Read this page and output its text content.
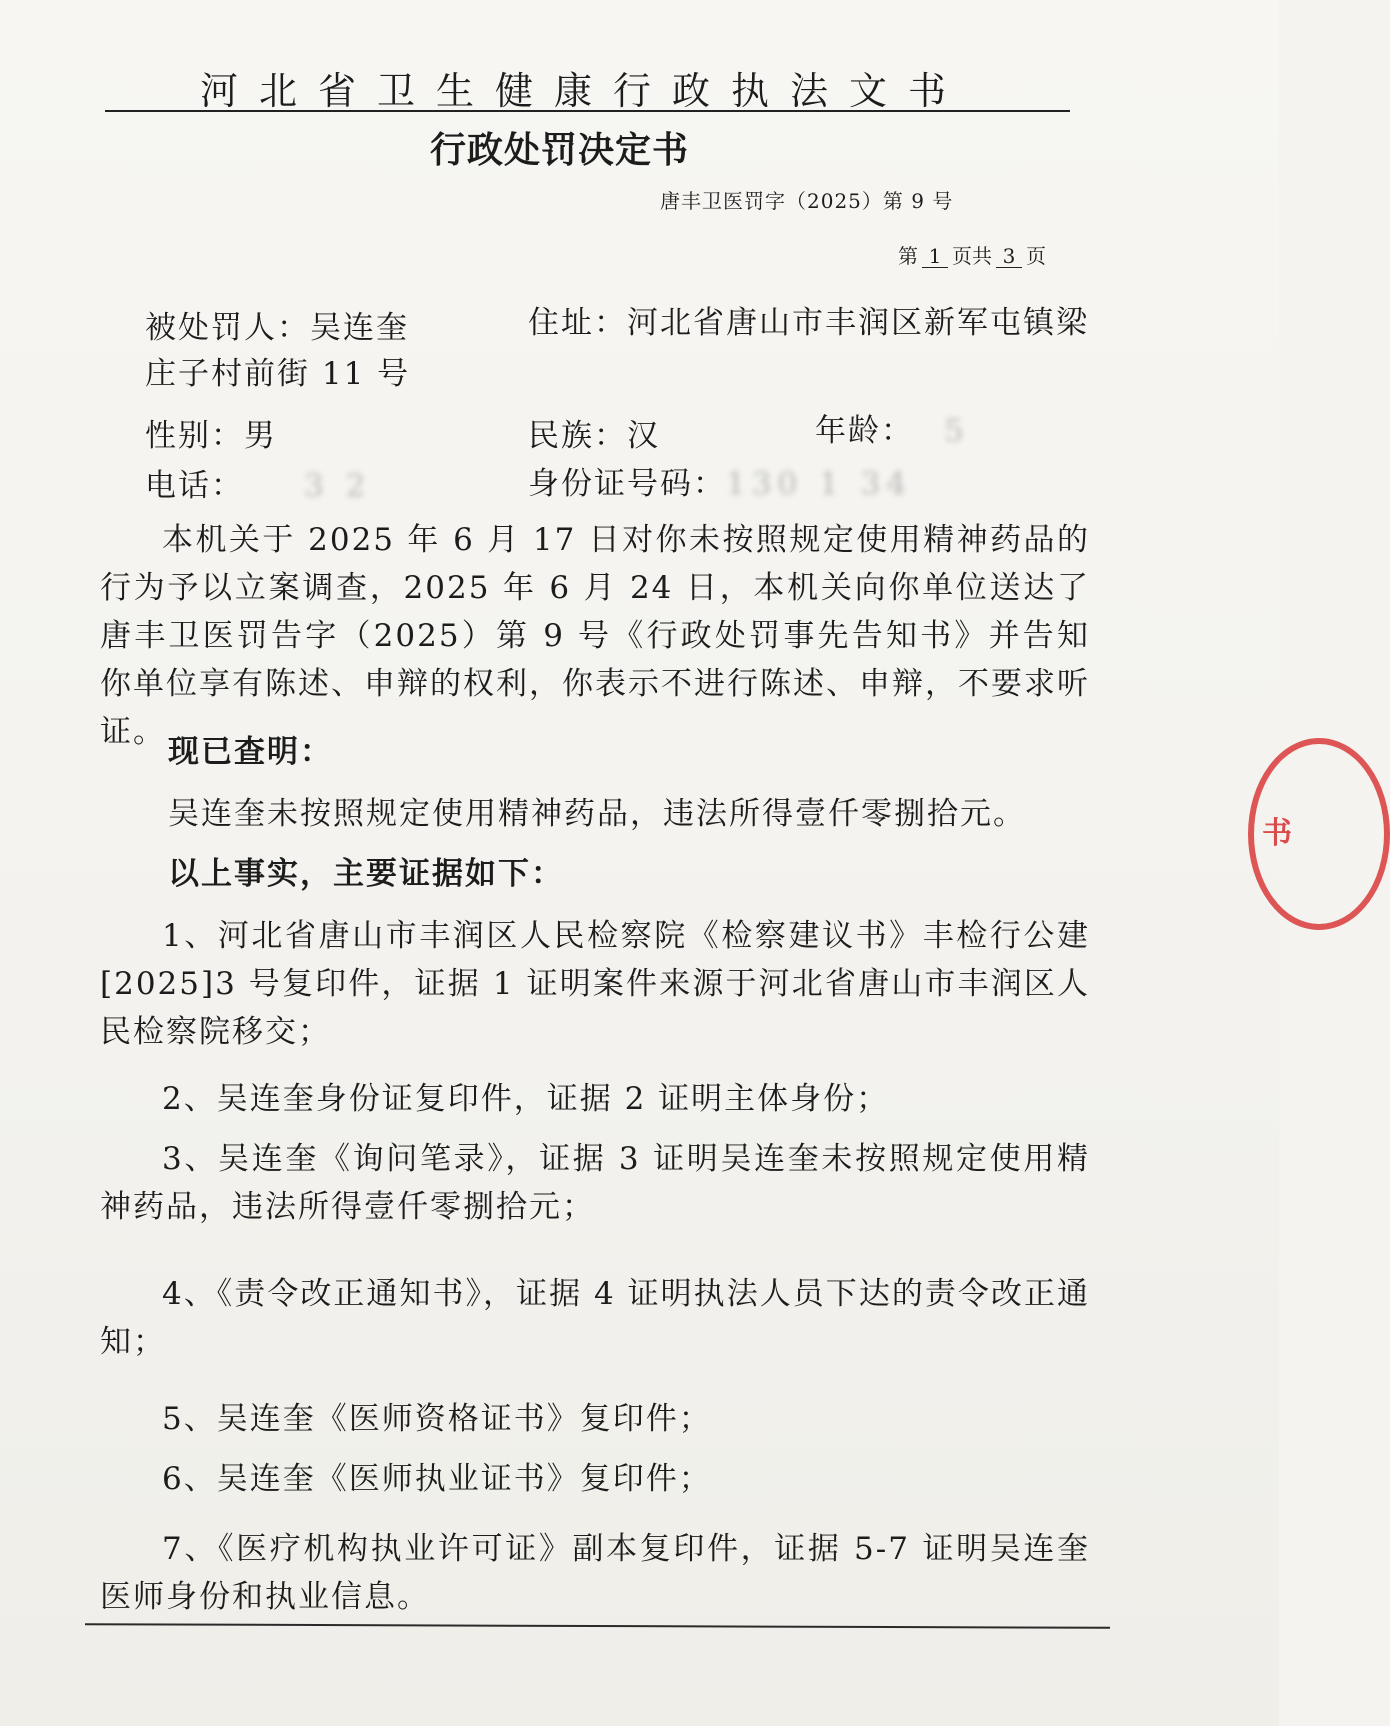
河北省卫生健康行政执法文书
行政处罚决定书
唐丰卫医罚字（2025）第 9 号
第 1 页共 3 页
被处罚人：吴连奎	住址：河北省唐山市丰润区新军屯镇梁
庄子村前街 11 号
性别：男	民族：汉	年龄： 5
电话： 3 2	身份证号码：130 1 34
本机关于 2025 年 6 月 17 日对你未按照规定使用精神药品的行为予以立案调查，2025 年 6 月 24 日，本机关向你单位送达了唐丰卫医罚告字（2025）第 9 号《行政处罚事先告知书》并告知你单位享有陈述、申辩的权利，你表示不进行陈述、申辩，不要求听证。
现已查明：
吴连奎未按照规定使用精神药品，违法所得壹仟零捌拾元。
以上事实，主要证据如下：
1、河北省唐山市丰润区人民检察院《检察建议书》丰检行公建[2025]3 号复印件，证据 1 证明案件来源于河北省唐山市丰润区人民检察院移交；
2、吴连奎身份证复印件，证据 2 证明主体身份；
3、吴连奎《询问笔录》，证据 3 证明吴连奎未按照规定使用精神药品，违法所得壹仟零捌拾元；
4、《责令改正通知书》，证据 4 证明执法人员下达的责令改正通知；
5、吴连奎《医师资格证书》复印件；
6、吴连奎《医师执业证书》复印件；
7、《医疗机构执业许可证》副本复印件，证据 5-7 证明吴连奎医师身份和执业信息。
书
